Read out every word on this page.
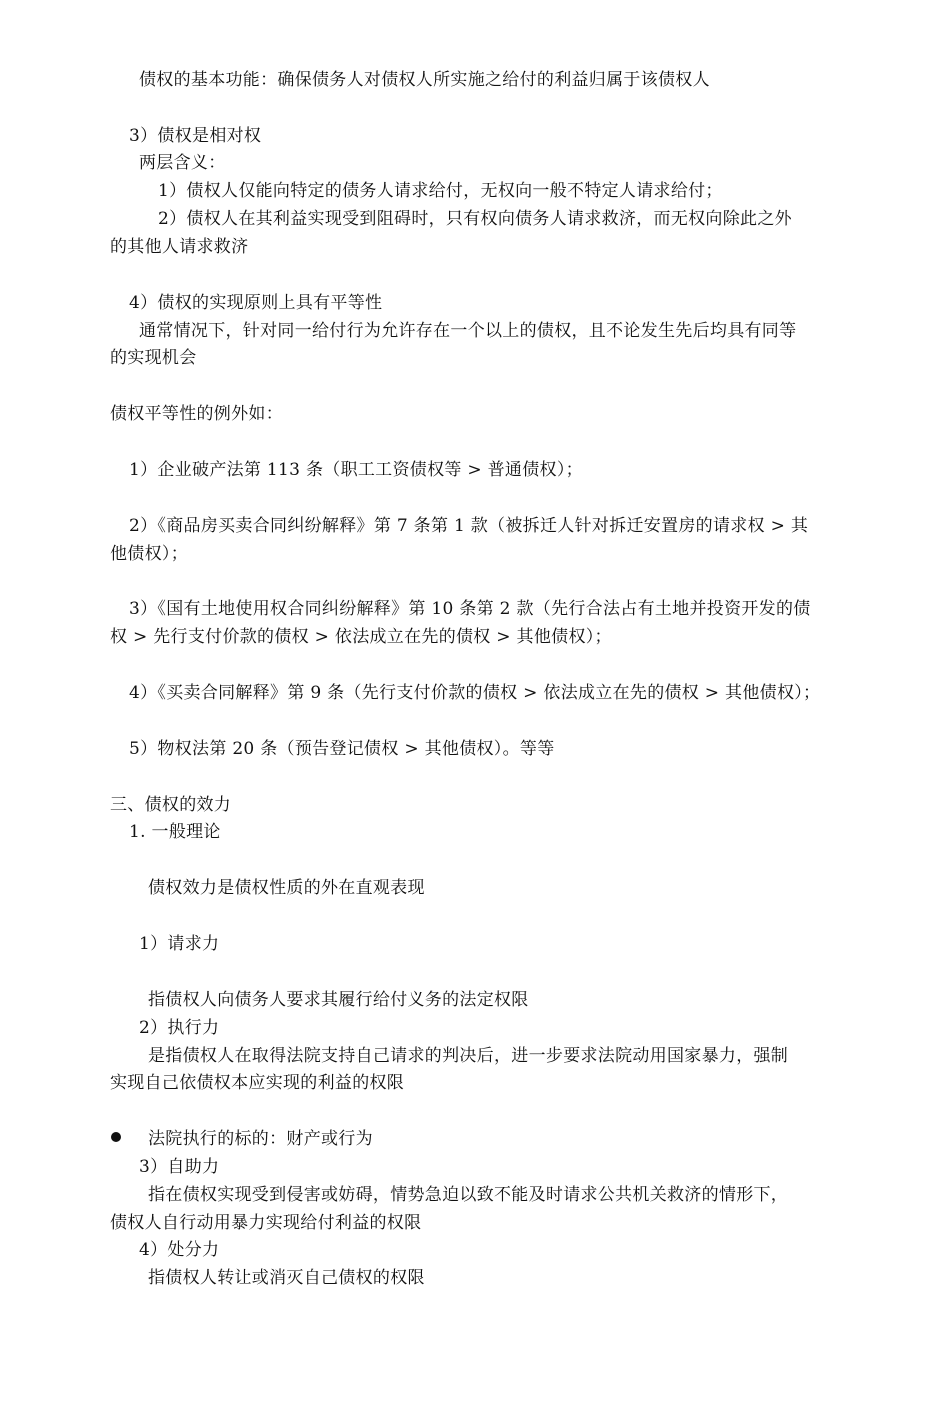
债权的基本功能：确保债务人对债权人所实施之给付的利益归属于该债权人

3）债权是相对权

两层含义：

1）债权人仅能向特定的债务人请求给付，无权向一般不特定人请求给付；

2）债权人在其利益实现受到阻碍时，只有权向债务人请求救济，而无权向除此之外

的其他人请求救济

4）债权的实现原则上具有平等性

通常情况下，针对同一给付行为允许存在一个以上的债权，且不论发生先后均具有同等

的实现机会

债权平等性的例外如：

1）企业破产法第 113 条（职工工资债权等 > 普通债权）；

2）《商品房买卖合同纠纷解释》第 7 条第 1 款（被拆迁人针对拆迁安置房的请求权 > 其

他债权）；

3）《国有土地使用权合同纠纷解释》第 10 条第 2 款（先行合法占有土地并投资开发的债

权 > 先行支付价款的债权 > 依法成立在先的债权 > 其他债权）；

4）《买卖合同解释》第 9 条（先行支付价款的债权 > 依法成立在先的债权 > 其他债权）；

5）物权法第 20 条（预告登记债权 > 其他债权）。等等

三、债权的效力

1. 一般理论

债权效力是债权性质的外在直观表现

1）请求力

指债权人向债务人要求其履行给付义务的法定权限

2）执行力

是指债权人在取得法院支持自己请求的判决后，进一步要求法院动用国家暴力，强制

实现自己依债权本应实现的利益的权限

法院执行的标的：财产或行为

3）自助力

指在债权实现受到侵害或妨碍，情势急迫以致不能及时请求公共机关救济的情形下，

债权人自行动用暴力实现给付利益的权限

4）处分力

指债权人转让或消灭自己债权的权限
